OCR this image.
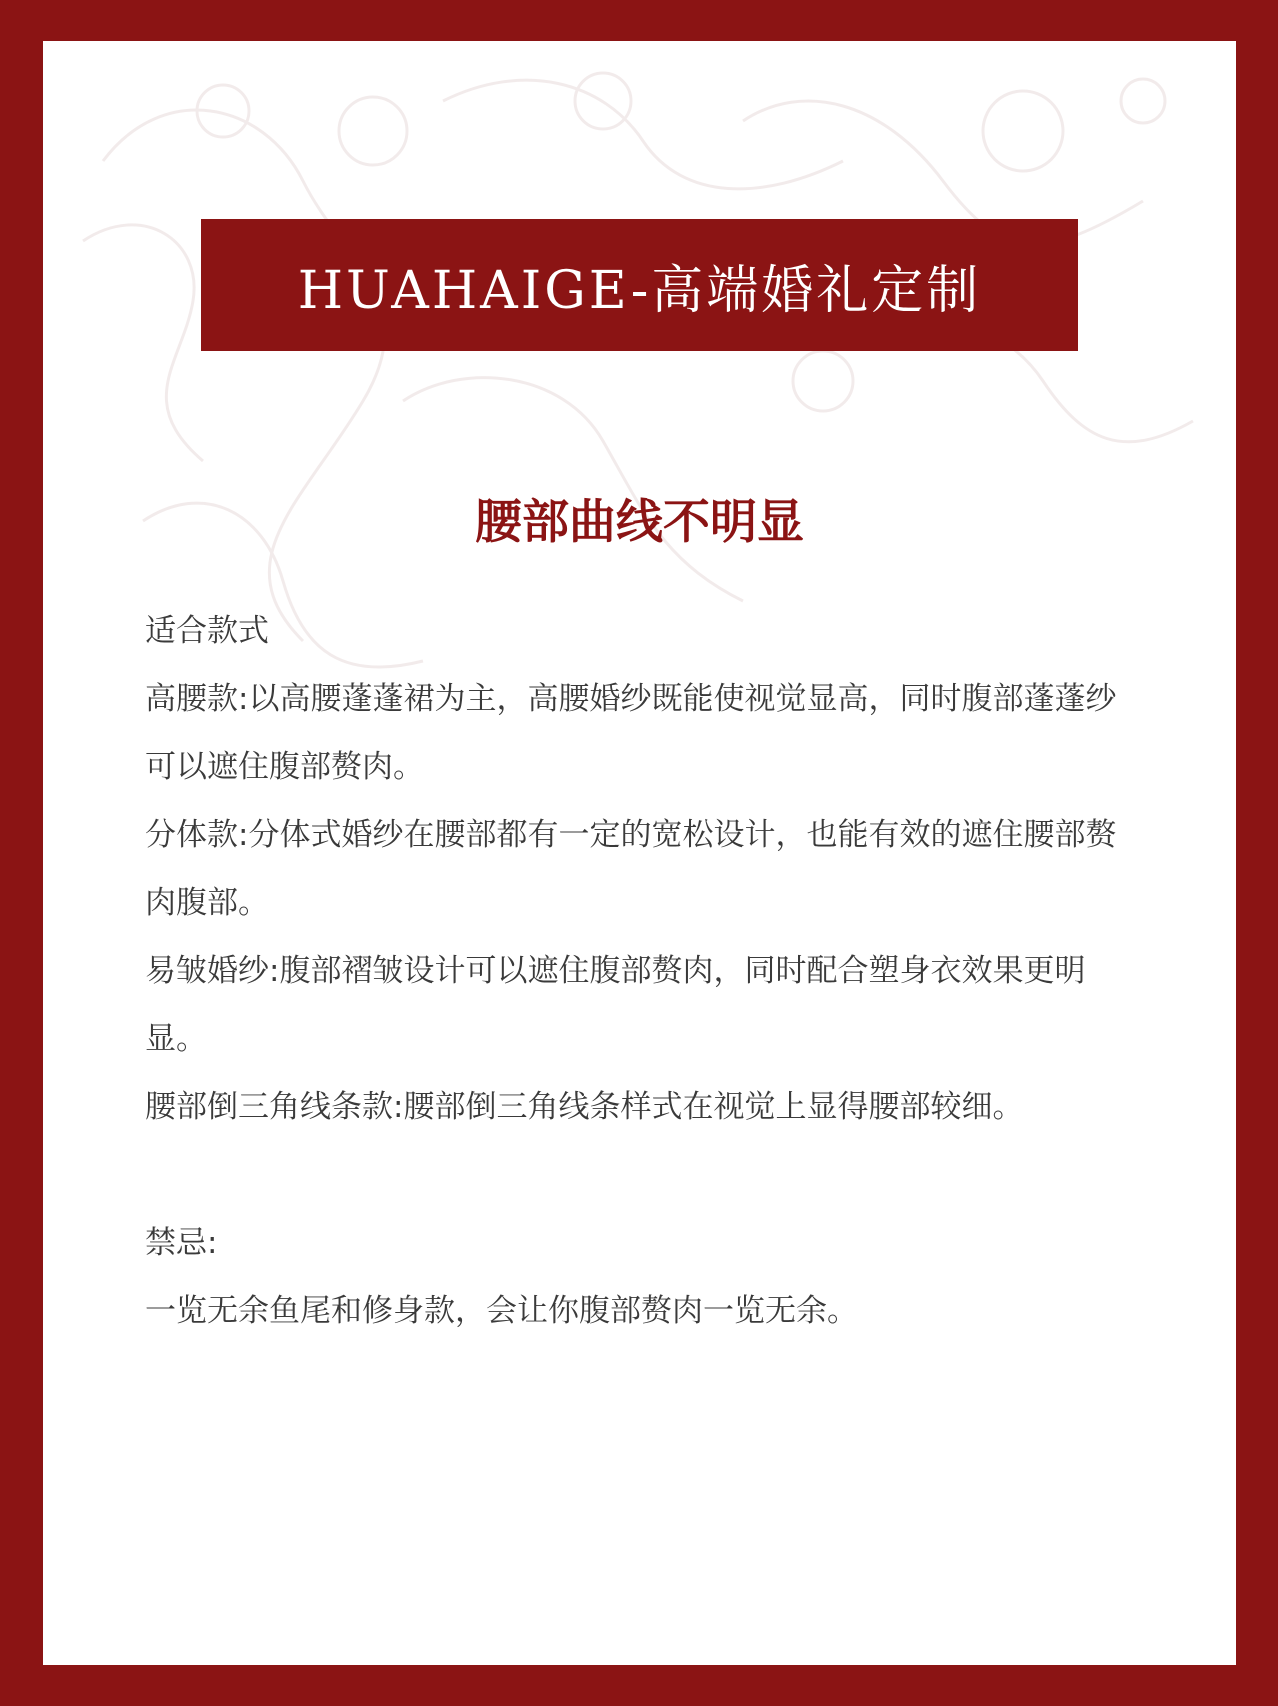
HUAHAIGE-高端婚礼定制
腰部曲线不明显

适合款式

高腰款:以高腰蓬蓬裙为主，高腰婚纱既能使视觉显高，同时腹部蓬蓬纱可以遮住腹部赘肉。

分体款:分体式婚纱在腰部都有一定的宽松设计，也能有效的遮住腰部赘肉腹部。

易皱婚纱:腹部褶皱设计可以遮住腹部赘肉，同时配合塑身衣效果更明显。

腰部倒三角线条款:腰部倒三角线条样式在视觉上显得腰部较细。

禁忌:

一览无余鱼尾和修身款，会让你腹部赘肉一览无余。
